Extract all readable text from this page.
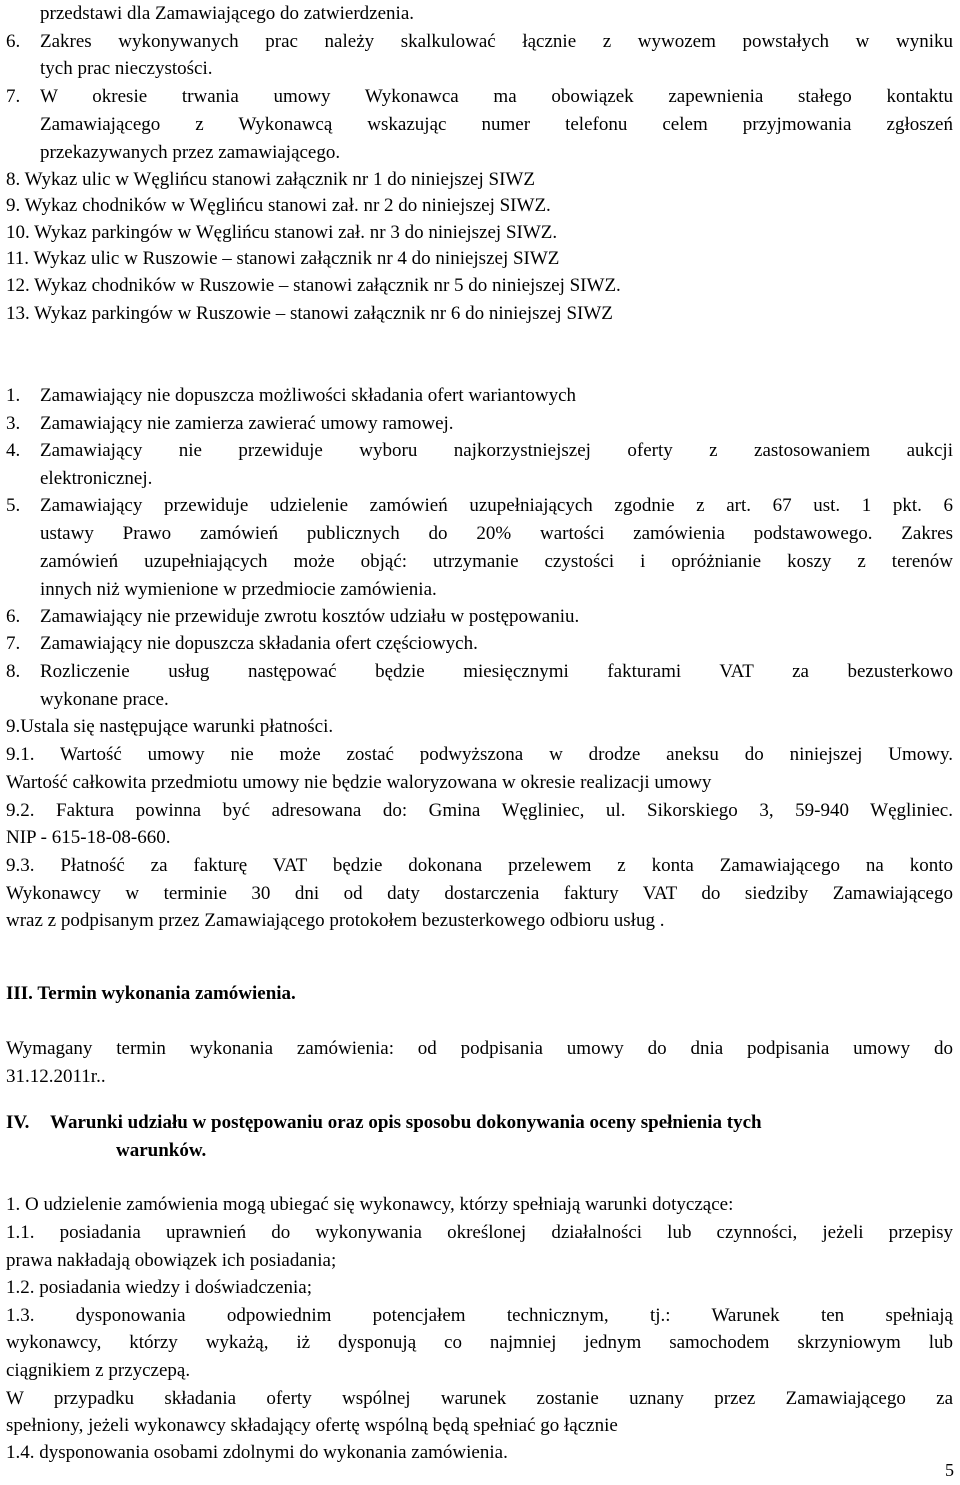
przedstawi dla Zamawiającego do zatwierdzenia.
6. Zakres wykonywanych prac należy skalkulować łącznie z wywozem powstałych w wyniku
tych prac nieczystości.
7. W okresie trwania umowy Wykonawca ma obowiązek zapewnienia stałego kontaktu
Zamawiającego z Wykonawcą wskazując numer telefonu celem przyjmowania zgłoszeń
przekazywanych przez zamawiającego.
8. Wykaz ulic w Węglińcu stanowi załącznik nr 1 do niniejszej SIWZ
9. Wykaz chodników w Węglińcu stanowi zał. nr 2 do niniejszej SIWZ.
10. Wykaz parkingów w Węglińcu stanowi zał. nr 3 do niniejszej SIWZ.
11. Wykaz ulic w Ruszowie – stanowi załącznik nr 4 do niniejszej SIWZ
12. Wykaz chodników w Ruszowie – stanowi załącznik nr 5 do niniejszej SIWZ.
13. Wykaz parkingów w Ruszowie – stanowi załącznik nr 6 do niniejszej SIWZ
1. Zamawiający nie dopuszcza możliwości składania ofert wariantowych
3. Zamawiający nie zamierza zawierać umowy ramowej.
4. Zamawiający nie przewiduje wyboru najkorzystniejszej oferty z zastosowaniem aukcji
elektronicznej.
5. Zamawiający przewiduje udzielenie zamówień uzupełniających zgodnie z art. 67 ust. 1 pkt. 6
ustawy Prawo zamówień publicznych do 20% wartości zamówienia podstawowego. Zakres
zamówień uzupełniających może objąć: utrzymanie czystości i opróżnianie koszy z terenów
innych niż wymienione w przedmiocie zamówienia.
6. Zamawiający nie przewiduje zwrotu kosztów udziału w postępowaniu.
7. Zamawiający nie dopuszcza składania ofert częściowych.
8. Rozliczenie usług następować będzie miesięcznymi fakturami VAT za bezusterkowo
wykonane prace.
9.Ustala się następujące warunki płatności.
9.1. Wartość umowy nie może zostać podwyższona w drodze aneksu do niniejszej Umowy.
Wartość całkowita przedmiotu umowy nie będzie waloryzowana w okresie realizacji umowy
9.2. Faktura powinna być adresowana do: Gmina Węgliniec, ul. Sikorskiego 3, 59-940 Węgliniec.
NIP - 615-18-08-660.
9.3. Płatność za fakturę VAT będzie dokonana przelewem z konta Zamawiającego na konto
Wykonawcy w terminie 30 dni od daty dostarczenia faktury VAT do siedziby Zamawiającego
wraz z podpisanym przez Zamawiającego protokołem bezusterkowego odbioru usług .
III. Termin wykonania zamówienia.
Wymagany termin wykonania zamówienia: od podpisania umowy do dnia podpisania umowy do
31.12.2011r..
IV. Warunki udziału w postępowaniu oraz opis sposobu dokonywania oceny spełnienia tych
warunków.
1. O udzielenie zamówienia mogą ubiegać się wykonawcy, którzy spełniają warunki dotyczące:
1.1. posiadania uprawnień do wykonywania określonej działalności lub czynności, jeżeli przepisy
prawa nakładają obowiązek ich posiadania;
1.2. posiadania wiedzy i doświadczenia;
1.3. dysponowania odpowiednim potencjałem technicznym, tj.: Warunek ten spełniają
wykonawcy, którzy wykażą, iż dysponują co najmniej jednym samochodem skrzyniowym lub
ciągnikiem z przyczepą.
W przypadku składania oferty wspólnej warunek zostanie uznany przez Zamawiającego za
spełniony, jeżeli wykonawcy składający ofertę wspólną będą spełniać go łącznie
1.4. dysponowania osobami zdolnymi do wykonania zamówienia.
5
